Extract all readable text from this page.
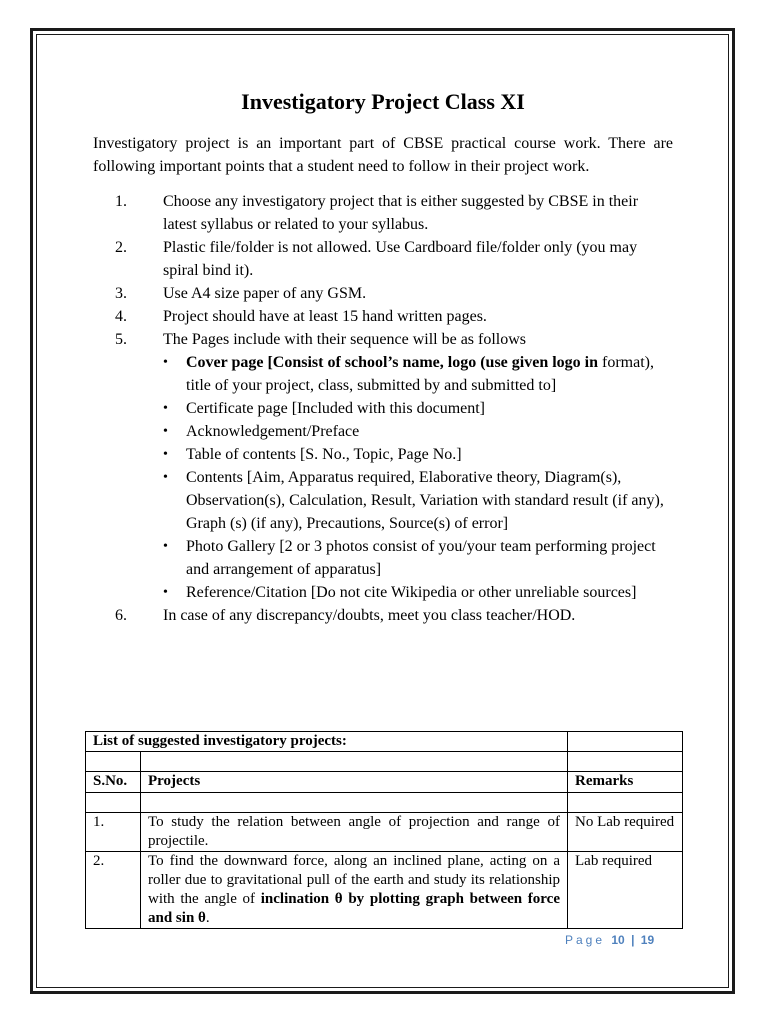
Investigatory Project Class XI

Investigatory project is an important part of CBSE practical course work. There are following important points that a student need to follow in their project work.

1. Choose any investigatory project that is either suggested by CBSE in their latest syllabus or related to your syllabus.
2. Plastic file/folder is not allowed. Use Cardboard file/folder only (you may spiral bind it).
3. Use A4 size paper of any GSM.
4. Project should have at least 15 hand written pages.
5. The Pages include with their sequence will be as follows
• Cover page [Consist of school’s name, logo (use given logo in format), title of your project, class, submitted by and submitted to]
• Certificate page [Included with this document]
• Acknowledgement/Preface
• Table of contents [S. No., Topic, Page No.]
• Contents [Aim, Apparatus required, Elaborative theory, Diagram(s), Observation(s), Calculation, Result, Variation with standard result (if any), Graph (s) (if any), Precautions, Source(s) of error]
• Photo Gallery [2 or 3 photos consist of you/your team performing project and arrangement of apparatus]
• Reference/Citation [Do not cite Wikipedia or other unreliable sources]
6. In case of any discrepancy/doubts, meet you class teacher/HOD.
List of suggested investigatory projects:		

S.No.	Projects	Remarks

1.	To study the relation between angle of projection and range of projectile.	No Lab required
2.	To find the downward force, along an inclined plane, acting on a roller due to gravitational pull of the earth and study its relationship with the angle of inclination θ by plotting graph between force and sin θ.	Lab required
Page 10 | 19
